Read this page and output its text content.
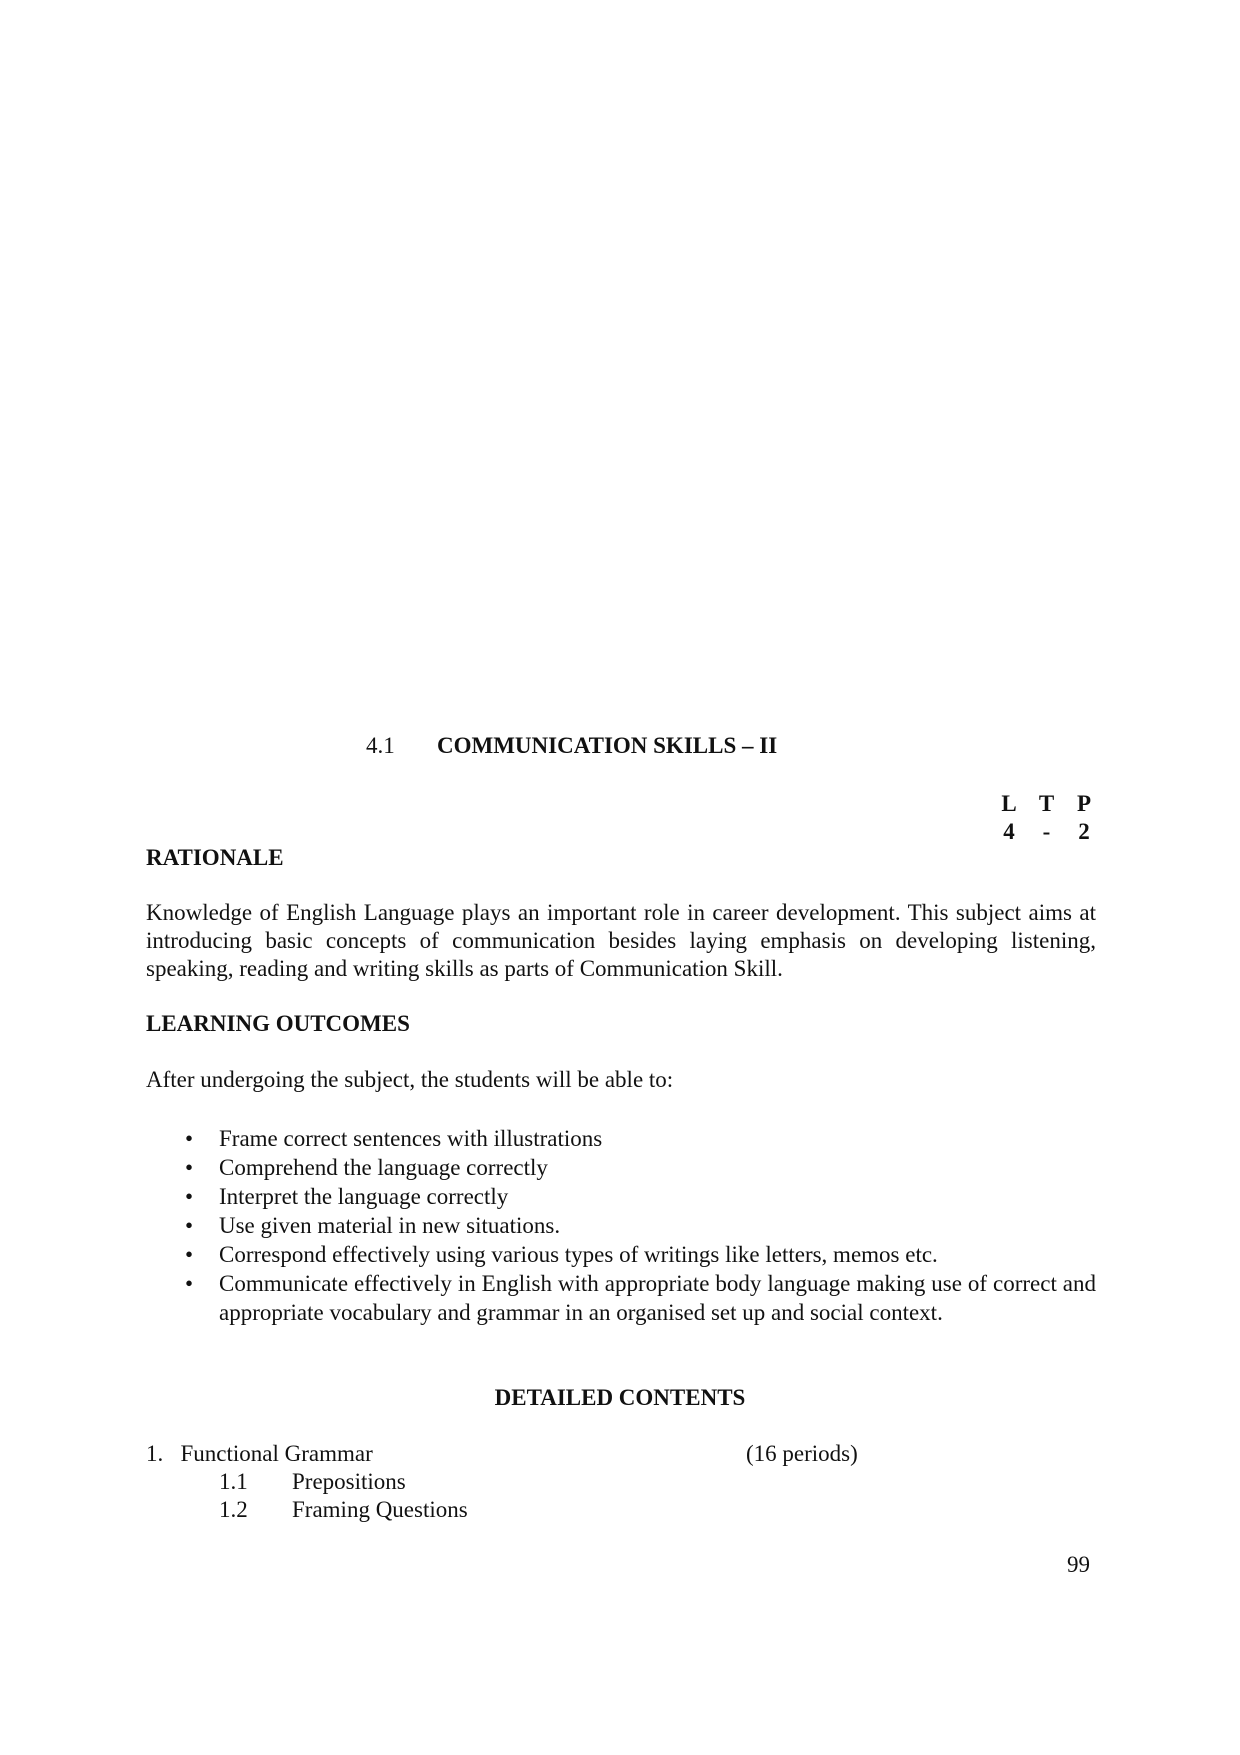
4.1 COMMUNICATION SKILLS – II
L T P
4	-	2
RATIONALE
Knowledge of English Language plays an important role in career development. This subject aims at introducing basic concepts of communication besides laying emphasis on developing listening, speaking, reading and writing skills as parts of Communication Skill.
LEARNING OUTCOMES
After undergoing the subject, the students will be able to:
• Frame correct sentences with illustrations
• Comprehend the language correctly
• Interpret the language correctly
• Use given material in new situations.
• Correspond effectively using various types of writings like letters, memos etc.
• Communicate effectively in English with appropriate body language making use of correct and appropriate vocabulary and grammar in an organised set up and social context.
DETAILED CONTENTS
1.   Functional Grammar	(16 periods)
1.1 Prepositions
1.2 Framing Questions
99
